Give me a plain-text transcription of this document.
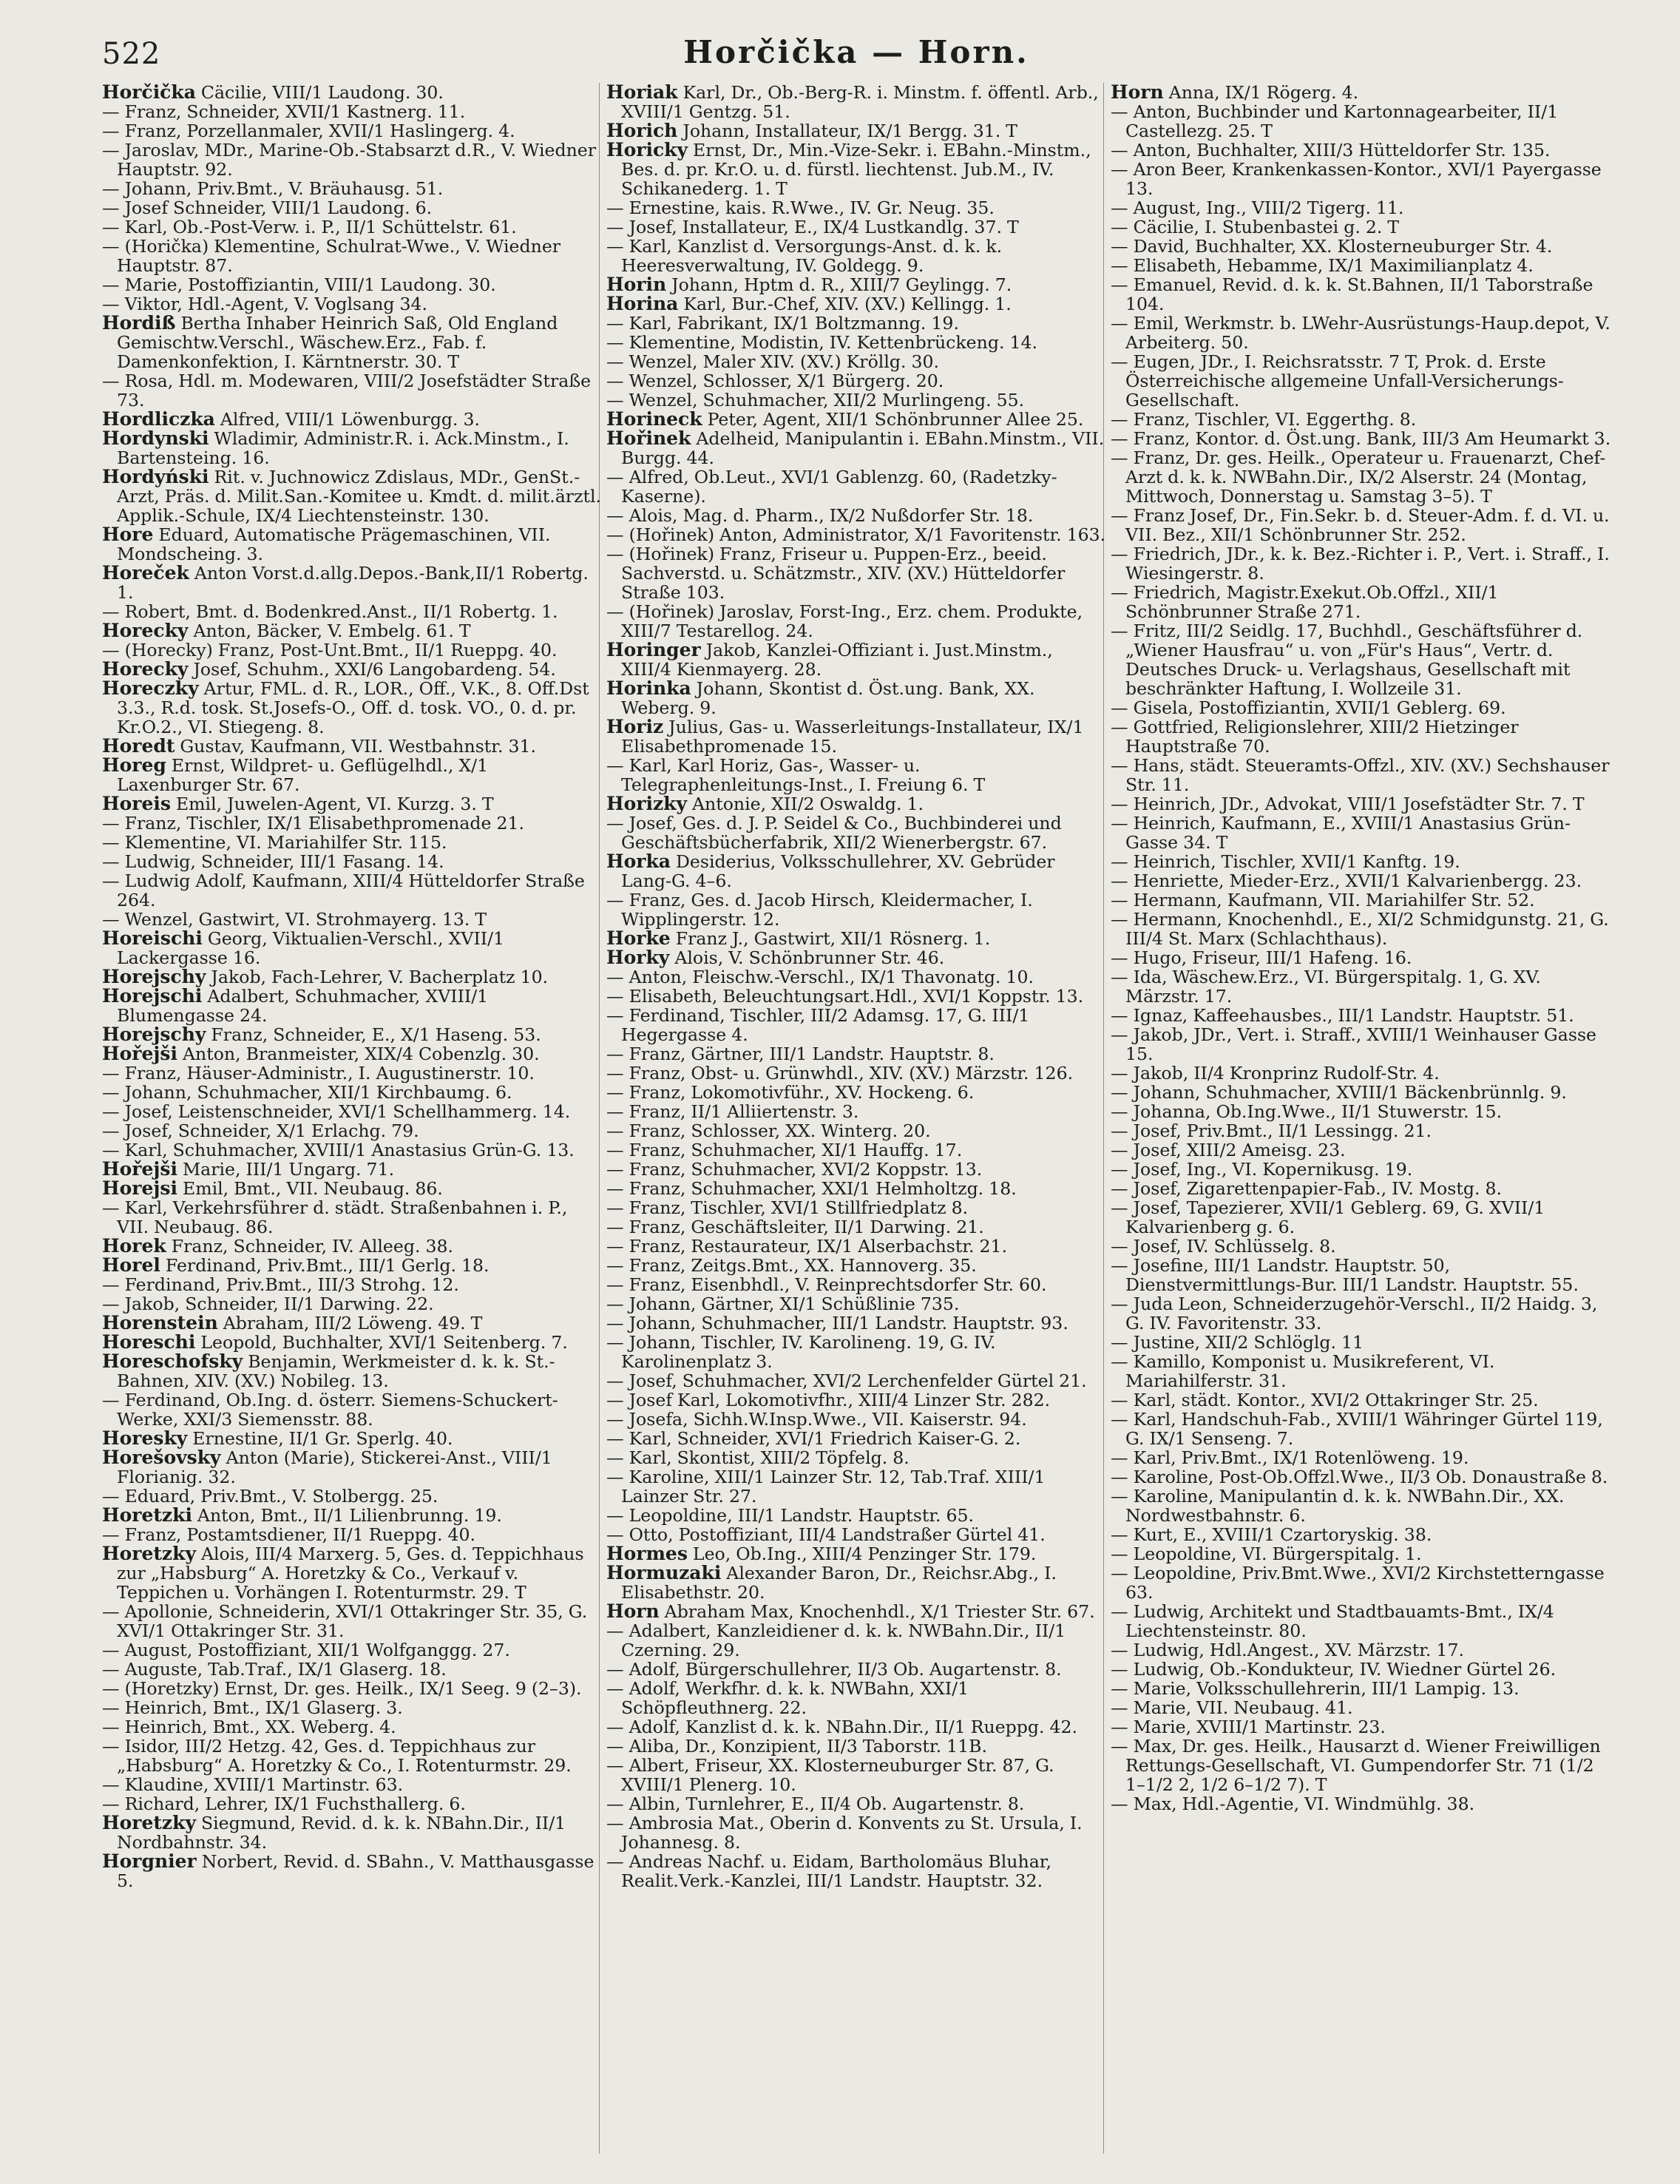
522	Horčička — Horn.

Horčička Cäcilie, VIII/1 Laudong. 30.

— Franz, Schneider, XVII/1 Kastnerg. 11.

— Franz, Porzellanmaler, XVII/1 Haslingerg. 4.

— Jaroslav, MDr., Marine-Ob.-Stabsarzt d.R., V. Wiedner Hauptstr. 92.

— Johann, Priv.Bmt., V. Bräuhausg. 51.

— Josef Schneider, VIII/1 Laudong. 6.

— Karl, Ob.-Post-Verw. i. P., II/1 Schüttelstr. 61.

— (Horička) Klementine, Schulrat-Wwe., V. Wiedner Hauptstr. 87.

— Marie, Postoffiziantin, VIII/1 Laudong. 30.

— Viktor, Hdl.-Agent, V. Voglsang 34.

Hordiß Bertha Inhaber Heinrich Saß, Old England Gemischtw.Verschl., Wäschew.Erz., Fab. f. Damenkonfektion, I. Kärntnerstr. 30. T

— Rosa, Hdl. m. Modewaren, VIII/2 Josefstädter Straße 73.

Hordliczka Alfred, VIII/1 Löwenburgg. 3.

Hordynski Wladimir, Administr.R. i. Ack.Minstm., I. Bartensteing. 16.

Hordyński Rit. v. Juchnowicz Zdislaus, MDr., GenSt.-Arzt, Präs. d. Milit.San.-Komitee u. Kmdt. d. milit.ärztl. Applik.-Schule, IX/4 Liechtensteinstr. 130.

Hore Eduard, Automatische Prägemaschinen, VII. Mondscheing. 3.

Horeček Anton Vorst.d.allg.Depos.-Bank,II/1 Robertg. 1.

— Robert, Bmt. d. Bodenkred.Anst., II/1 Robertg. 1.

Horecky Anton, Bäcker, V. Embelg. 61. T

— (Horecky) Franz, Post-Unt.Bmt., II/1 Rueppg. 40.

Horecky Josef, Schuhm., XXI/6 Langobardeng. 54.

Horeczky Artur, FML. d. R., LOR., Off., V.K., 8. Off.Dst 3.3., R.d. tosk. St.Josefs-O., Off. d. tosk. VO., 0. d. pr. Kr.O.2., VI. Stiegeng. 8.

Horedt Gustav, Kaufmann, VII. Westbahnstr. 31.

Horeg Ernst, Wildpret- u. Geflügelhdl., X/1 Laxenburger Str. 67.

Horeis Emil, Juwelen-Agent, VI. Kurzg. 3. T

— Franz, Tischler, IX/1 Elisabethpromenade 21.

— Klementine, VI. Mariahilfer Str. 115.

— Ludwig, Schneider, III/1 Fasang. 14.

— Ludwig Adolf, Kaufmann, XIII/4 Hütteldorfer Straße 264.

— Wenzel, Gastwirt, VI. Strohmayerg. 13. T

Horeischi Georg, Viktualien-Verschl., XVII/1 Lackergasse 16.

Horejschy Jakob, Fach-Lehrer, V. Bacherplatz 10.

Horejschi Adalbert, Schuhmacher, XVIII/1 Blumengasse 24.

Horejschy Franz, Schneider, E., X/1 Haseng. 53.

Hořejši Anton, Branmeister, XIX/4 Cobenzlg. 30.

— Franz, Häuser-Administr., I. Augustinerstr. 10.

— Johann, Schuhmacher, XII/1 Kirchbaumg. 6.

— Josef, Leistenschneider, XVI/1 Schellhammerg. 14.

— Josef, Schneider, X/1 Erlachg. 79.

— Karl, Schuhmacher, XVIII/1 Anastasius Grün-G. 13.

Hořejši Marie, III/1 Ungarg. 71.

Horejsi Emil, Bmt., VII. Neubaug. 86.

— Karl, Verkehrsführer d. städt. Straßenbahnen i. P., VII. Neubaug. 86.

Horek Franz, Schneider, IV. Alleeg. 38.

Horel Ferdinand, Priv.Bmt., III/1 Gerlg. 18.

— Ferdinand, Priv.Bmt., III/3 Strohg. 12.

— Jakob, Schneider, II/1 Darwing. 22.

Horenstein Abraham, III/2 Löweng. 49. T

Horeschi Leopold, Buchhalter, XVI/1 Seitenberg. 7.

Horeschofsky Benjamin, Werkmeister d. k. k. St.-Bahnen, XIV. (XV.) Nobileg. 13.

— Ferdinand, Ob.Ing. d. österr. Siemens-Schuckert-Werke, XXI/3 Siemensstr. 88.

Horesky Ernestine, II/1 Gr. Sperlg. 40.

Horešovsky Anton (Marie), Stickerei-Anst., VIII/1 Florianig. 32.

— Eduard, Priv.Bmt., V. Stolbergg. 25.

Horetzki Anton, Bmt., II/1 Lilienbrunng. 19.

— Franz, Postamtsdiener, II/1 Rueppg. 40.

Horetzky Alois, III/4 Marxerg. 5, Ges. d. Teppichhaus zur „Habsburg“ A. Horetzky & Co., Verkauf v. Teppichen u. Vorhängen I. Rotenturmstr. 29. T

— Apollonie, Schneiderin, XVI/1 Ottakringer Str. 35, G. XVI/1 Ottakringer Str. 31.

— August, Postoffiziant, XII/1 Wolfganggg. 27.

— Auguste, Tab.Traf., IX/1 Glaserg. 18.

— (Horetzky) Ernst, Dr. ges. Heilk., IX/1 Seeg. 9 (2–3).

— Heinrich, Bmt., IX/1 Glaserg. 3.

— Heinrich, Bmt., XX. Weberg. 4.

— Isidor, III/2 Hetzg. 42, Ges. d. Teppichhaus zur „Habsburg“ A. Horetzky & Co., I. Rotenturmstr. 29.

— Klaudine, XVIII/1 Martinstr. 63.

— Richard, Lehrer, IX/1 Fuchsthallerg. 6.

Horetzky Siegmund, Revid. d. k. k. NBahn.Dir., II/1 Nordbahnstr. 34.

Horgnier Norbert, Revid. d. SBahn., V. Matthausgasse 5.

Horiak Karl, Dr., Ob.-Berg-R. i. Minstm. f. öffentl. Arb., XVIII/1 Gentzg. 51.

Horich Johann, Installateur, IX/1 Bergg. 31. T

Horicky Ernst, Dr., Min.-Vize-Sekr. i. EBahn.-Minstm., Bes. d. pr. Kr.O. u. d. fürstl. liechtenst. Jub.M., IV. Schikanederg. 1. T

— Ernestine, kais. R.Wwe., IV. Gr. Neug. 35.

— Josef, Installateur, E., IX/4 Lustkandlg. 37. T

— Karl, Kanzlist d. Versorgungs-Anst. d. k. k. Heeresverwaltung, IV. Goldegg. 9.

Horin Johann, Hptm d. R., XIII/7 Geylingg. 7.

Horina Karl, Bur.-Chef, XIV. (XV.) Kellingg. 1.

— Karl, Fabrikant, IX/1 Boltzmanng. 19.

— Klementine, Modistin, IV. Kettenbrückeng. 14.

— Wenzel, Maler XIV. (XV.) Kröllg. 30.

— Wenzel, Schlosser, X/1 Bürgerg. 20.

— Wenzel, Schuhmacher, XII/2 Murlingeng. 55.

Horineck Peter, Agent, XII/1 Schönbrunner Allee 25.

Hořinek Adelheid, Manipulantin i. EBahn.Minstm., VII. Burgg. 44.

— Alfred, Ob.Leut., XVI/1 Gablenzg. 60, (Radetzky-Kaserne).

— Alois, Mag. d. Pharm., IX/2 Nußdorfer Str. 18.

— (Hořinek) Anton, Administrator, X/1 Favoritenstr. 163.

— (Hořinek) Franz, Friseur u. Puppen-Erz., beeid. Sachverstd. u. Schätzmstr., XIV. (XV.) Hütteldorfer Straße 103.

— (Hořinek) Jaroslav, Forst-Ing., Erz. chem. Produkte, XIII/7 Testarellog. 24.

Horinger Jakob, Kanzlei-Offiziant i. Just.Minstm., XIII/4 Kienmayerg. 28.

Horinka Johann, Skontist d. Öst.ung. Bank, XX. Weberg. 9.

Horiz Julius, Gas- u. Wasserleitungs-Installateur, IX/1 Elisabethpromenade 15.

— Karl, Karl Horiz, Gas-, Wasser- u. Telegraphenleitungs-Inst., I. Freiung 6. T

Horizky Antonie, XII/2 Oswaldg. 1.

— Josef, Ges. d. J. P. Seidel & Co., Buchbinderei und Geschäftsbücherfabrik, XII/2 Wienerbergstr. 67.

Horka Desiderius, Volksschullehrer, XV. Gebrüder Lang-G. 4–6.

— Franz, Ges. d. Jacob Hirsch, Kleidermacher, I. Wipplingerstr. 12.

Horke Franz J., Gastwirt, XII/1 Rösnerg. 1.

Horky Alois, V. Schönbrunner Str. 46.

— Anton, Fleischw.-Verschl., IX/1 Thavonatg. 10.

— Elisabeth, Beleuchtungsart.Hdl., XVI/1 Koppstr. 13.

— Ferdinand, Tischler, III/2 Adamsg. 17, G. III/1 Hegergasse 4.

— Franz, Gärtner, III/1 Landstr. Hauptstr. 8.

— Franz, Obst- u. Grünwhdl., XIV. (XV.) Märzstr. 126.

— Franz, Lokomotivführ., XV. Hockeng. 6.

— Franz, II/1 Alliiertenstr. 3.

— Franz, Schlosser, XX. Winterg. 20.

— Franz, Schuhmacher, XI/1 Hauffg. 17.

— Franz, Schuhmacher, XVI/2 Koppstr. 13.

— Franz, Schuhmacher, XXI/1 Helmholtzg. 18.

— Franz, Tischler, XVI/1 Stillfriedplatz 8.

— Franz, Geschäftsleiter, II/1 Darwing. 21.

— Franz, Restaurateur, IX/1 Alserbachstr. 21.

— Franz, Zeitgs.Bmt., XX. Hannoverg. 35.

— Franz, Eisenbhdl., V. Reinprechtsdorfer Str. 60.

— Johann, Gärtner, XI/1 Schüßlinie 735.

— Johann, Schuhmacher, III/1 Landstr. Hauptstr. 93.

— Johann, Tischler, IV. Karolineng. 19, G. IV. Karolinenplatz 3.

— Josef, Schuhmacher, XVI/2 Lerchenfelder Gürtel 21.

— Josef Karl, Lokomotivfhr., XIII/4 Linzer Str. 282.

— Josefa, Sichh.W.Insp.Wwe., VII. Kaiserstr. 94.

— Karl, Schneider, XVI/1 Friedrich Kaiser-G. 2.

— Karl, Skontist, XIII/2 Töpfelg. 8.

— Karoline, XIII/1 Lainzer Str. 12, Tab.Traf. XIII/1 Lainzer Str. 27.

— Leopoldine, III/1 Landstr. Hauptstr. 65.

— Otto, Postoffiziant, III/4 Landstraßer Gürtel 41.

Hormes Leo, Ob.Ing., XIII/4 Penzinger Str. 179.

Hormuzaki Alexander Baron, Dr., Reichsr.Abg., I. Elisabethstr. 20.

Horn Abraham Max, Knochenhdl., X/1 Triester Str. 67.

— Adalbert, Kanzleidiener d. k. k. NWBahn.Dir., II/1 Czerning. 29.

— Adolf, Bürgerschullehrer, II/3 Ob. Augartenstr. 8.

— Adolf, Werkfhr. d. k. k. NWBahn, XXI/1 Schöpfleuthnerg. 22.

— Adolf, Kanzlist d. k. k. NBahn.Dir., II/1 Rueppg. 42.

— Aliba, Dr., Konzipient, II/3 Taborstr. 11B.

— Albert, Friseur, XX. Klosterneuburger Str. 87, G. XVIII/1 Plenerg. 10.

— Albin, Turnlehrer, E., II/4 Ob. Augartenstr. 8.

— Ambrosia Mat., Oberin d. Konvents zu St. Ursula, I. Johannesg. 8.

— Andreas Nachf. u. Eidam, Bartholomäus Bluhar, Realit.Verk.-Kanzlei, III/1 Landstr. Hauptstr. 32.

Horn Anna, IX/1 Rögerg. 4.

— Anton, Buchbinder und Kartonnagearbeiter, II/1 Castellezg. 25. T

— Anton, Buchhalter, XIII/3 Hütteldorfer Str. 135.

— Aron Beer, Krankenkassen-Kontor., XVI/1 Payergasse 13.

— August, Ing., VIII/2 Tigerg. 11.

— Cäcilie, I. Stubenbastei g. 2. T

— David, Buchhalter, XX. Klosterneuburger Str. 4.

— Elisabeth, Hebamme, IX/1 Maximilianplatz 4.

— Emanuel, Revid. d. k. k. St.Bahnen, II/1 Taborstraße 104.

— Emil, Werkmstr. b. LWehr-Ausrüstungs-Haup.depot, V. Arbeiterg. 50.

— Eugen, JDr., I. Reichsratsstr. 7 T, Prok. d. Erste Österreichische allgemeine Unfall-Versicherungs-Gesellschaft.

— Franz, Tischler, VI. Eggerthg. 8.

— Franz, Kontor. d. Öst.ung. Bank, III/3 Am Heumarkt 3.

— Franz, Dr. ges. Heilk., Operateur u. Frauenarzt, Chef-Arzt d. k. k. NWBahn.Dir., IX/2 Alserstr. 24 (Montag, Mittwoch, Donnerstag u. Samstag 3–5). T

— Franz Josef, Dr., Fin.Sekr. b. d. Steuer-Adm. f. d. VI. u. VII. Bez., XII/1 Schönbrunner Str. 252.

— Friedrich, JDr., k. k. Bez.-Richter i. P., Vert. i. Straff., I. Wiesingerstr. 8.

— Friedrich, Magistr.Exekut.Ob.Offzl., XII/1 Schönbrunner Straße 271.

— Fritz, III/2 Seidlg. 17, Buchhdl., Geschäftsführer d. „Wiener Hausfrau“ u. von „Für's Haus“, Vertr. d. Deutsches Druck- u. Verlagshaus, Gesellschaft mit beschränkter Haftung, I. Wollzeile 31.

— Gisela, Postoffiziantin, XVII/1 Geblerg. 69.

— Gottfried, Religionslehrer, XIII/2 Hietzinger Hauptstraße 70.

— Hans, städt. Steueramts-Offzl., XIV. (XV.) Sechshauser Str. 11.

— Heinrich, JDr., Advokat, VIII/1 Josefstädter Str. 7. T

— Heinrich, Kaufmann, E., XVIII/1 Anastasius Grün-Gasse 34. T

— Heinrich, Tischler, XVII/1 Kanftg. 19.

— Henriette, Mieder-Erz., XVII/1 Kalvarienbergg. 23.

— Hermann, Kaufmann, VII. Mariahilfer Str. 52.

— Hermann, Knochenhdl., E., XI/2 Schmidgunstg. 21, G. III/4 St. Marx (Schlachthaus).

— Hugo, Friseur, III/1 Hafeng. 16.

— Ida, Wäschew.Erz., VI. Bürgerspitalg. 1, G. XV. Märzstr. 17.

— Ignaz, Kaffeehausbes., III/1 Landstr. Hauptstr. 51.

— Jakob, JDr., Vert. i. Straff., XVIII/1 Weinhauser Gasse 15.

— Jakob, II/4 Kronprinz Rudolf-Str. 4.

— Johann, Schuhmacher, XVIII/1 Bäckenbrünnlg. 9.

— Johanna, Ob.Ing.Wwe., II/1 Stuwerstr. 15.

— Josef, Priv.Bmt., II/1 Lessingg. 21.

— Josef, XIII/2 Ameisg. 23.

— Josef, Ing., VI. Kopernikusg. 19.

— Josef, Zigarettenpapier-Fab., IV. Mostg. 8.

— Josef, Tapezierer, XVII/1 Geblerg. 69, G. XVII/1 Kalvarienberg g. 6.

— Josef, IV. Schlüsselg. 8.

— Josefine, III/1 Landstr. Hauptstr. 50, Dienstvermittlungs-Bur. III/1 Landstr. Hauptstr. 55.

— Juda Leon, Schneiderzugehör-Verschl., II/2 Haidg. 3, G. IV. Favoritenstr. 33.

— Justine, XII/2 Schlöglg. 11

— Kamillo, Komponist u. Musikreferent, VI. Mariahilferstr. 31.

— Karl, städt. Kontor., XVI/2 Ottakringer Str. 25.

— Karl, Handschuh-Fab., XVIII/1 Währinger Gürtel 119, G. IX/1 Senseng. 7.

— Karl, Priv.Bmt., IX/1 Rotenlöweng. 19.

— Karoline, Post-Ob.Offzl.Wwe., II/3 Ob. Donaustraße 8.

— Karoline, Manipulantin d. k. k. NWBahn.Dir., XX. Nordwestbahnstr. 6.

— Kurt, E., XVIII/1 Czartoryskig. 38.

— Leopoldine, VI. Bürgerspitalg. 1.

— Leopoldine, Priv.Bmt.Wwe., XVI/2 Kirchstetterngasse 63.

— Ludwig, Architekt und Stadtbauamts-Bmt., IX/4 Liechtensteinstr. 80.

— Ludwig, Hdl.Angest., XV. Märzstr. 17.

— Ludwig, Ob.-Kondukteur, IV. Wiedner Gürtel 26.

— Marie, Volksschullehrerin, III/1 Lampig. 13.

— Marie, VII. Neubaug. 41.

— Marie, XVIII/1 Martinstr. 23.

— Max, Dr. ges. Heilk., Hausarzt d. Wiener Freiwilligen Rettungs-Gesellschaft, VI. Gumpendorfer Str. 71 (1/2 1–1/2 2, 1/2 6–1/2 7). T

— Max, Hdl.-Agentie, VI. Windmühlg. 38.
